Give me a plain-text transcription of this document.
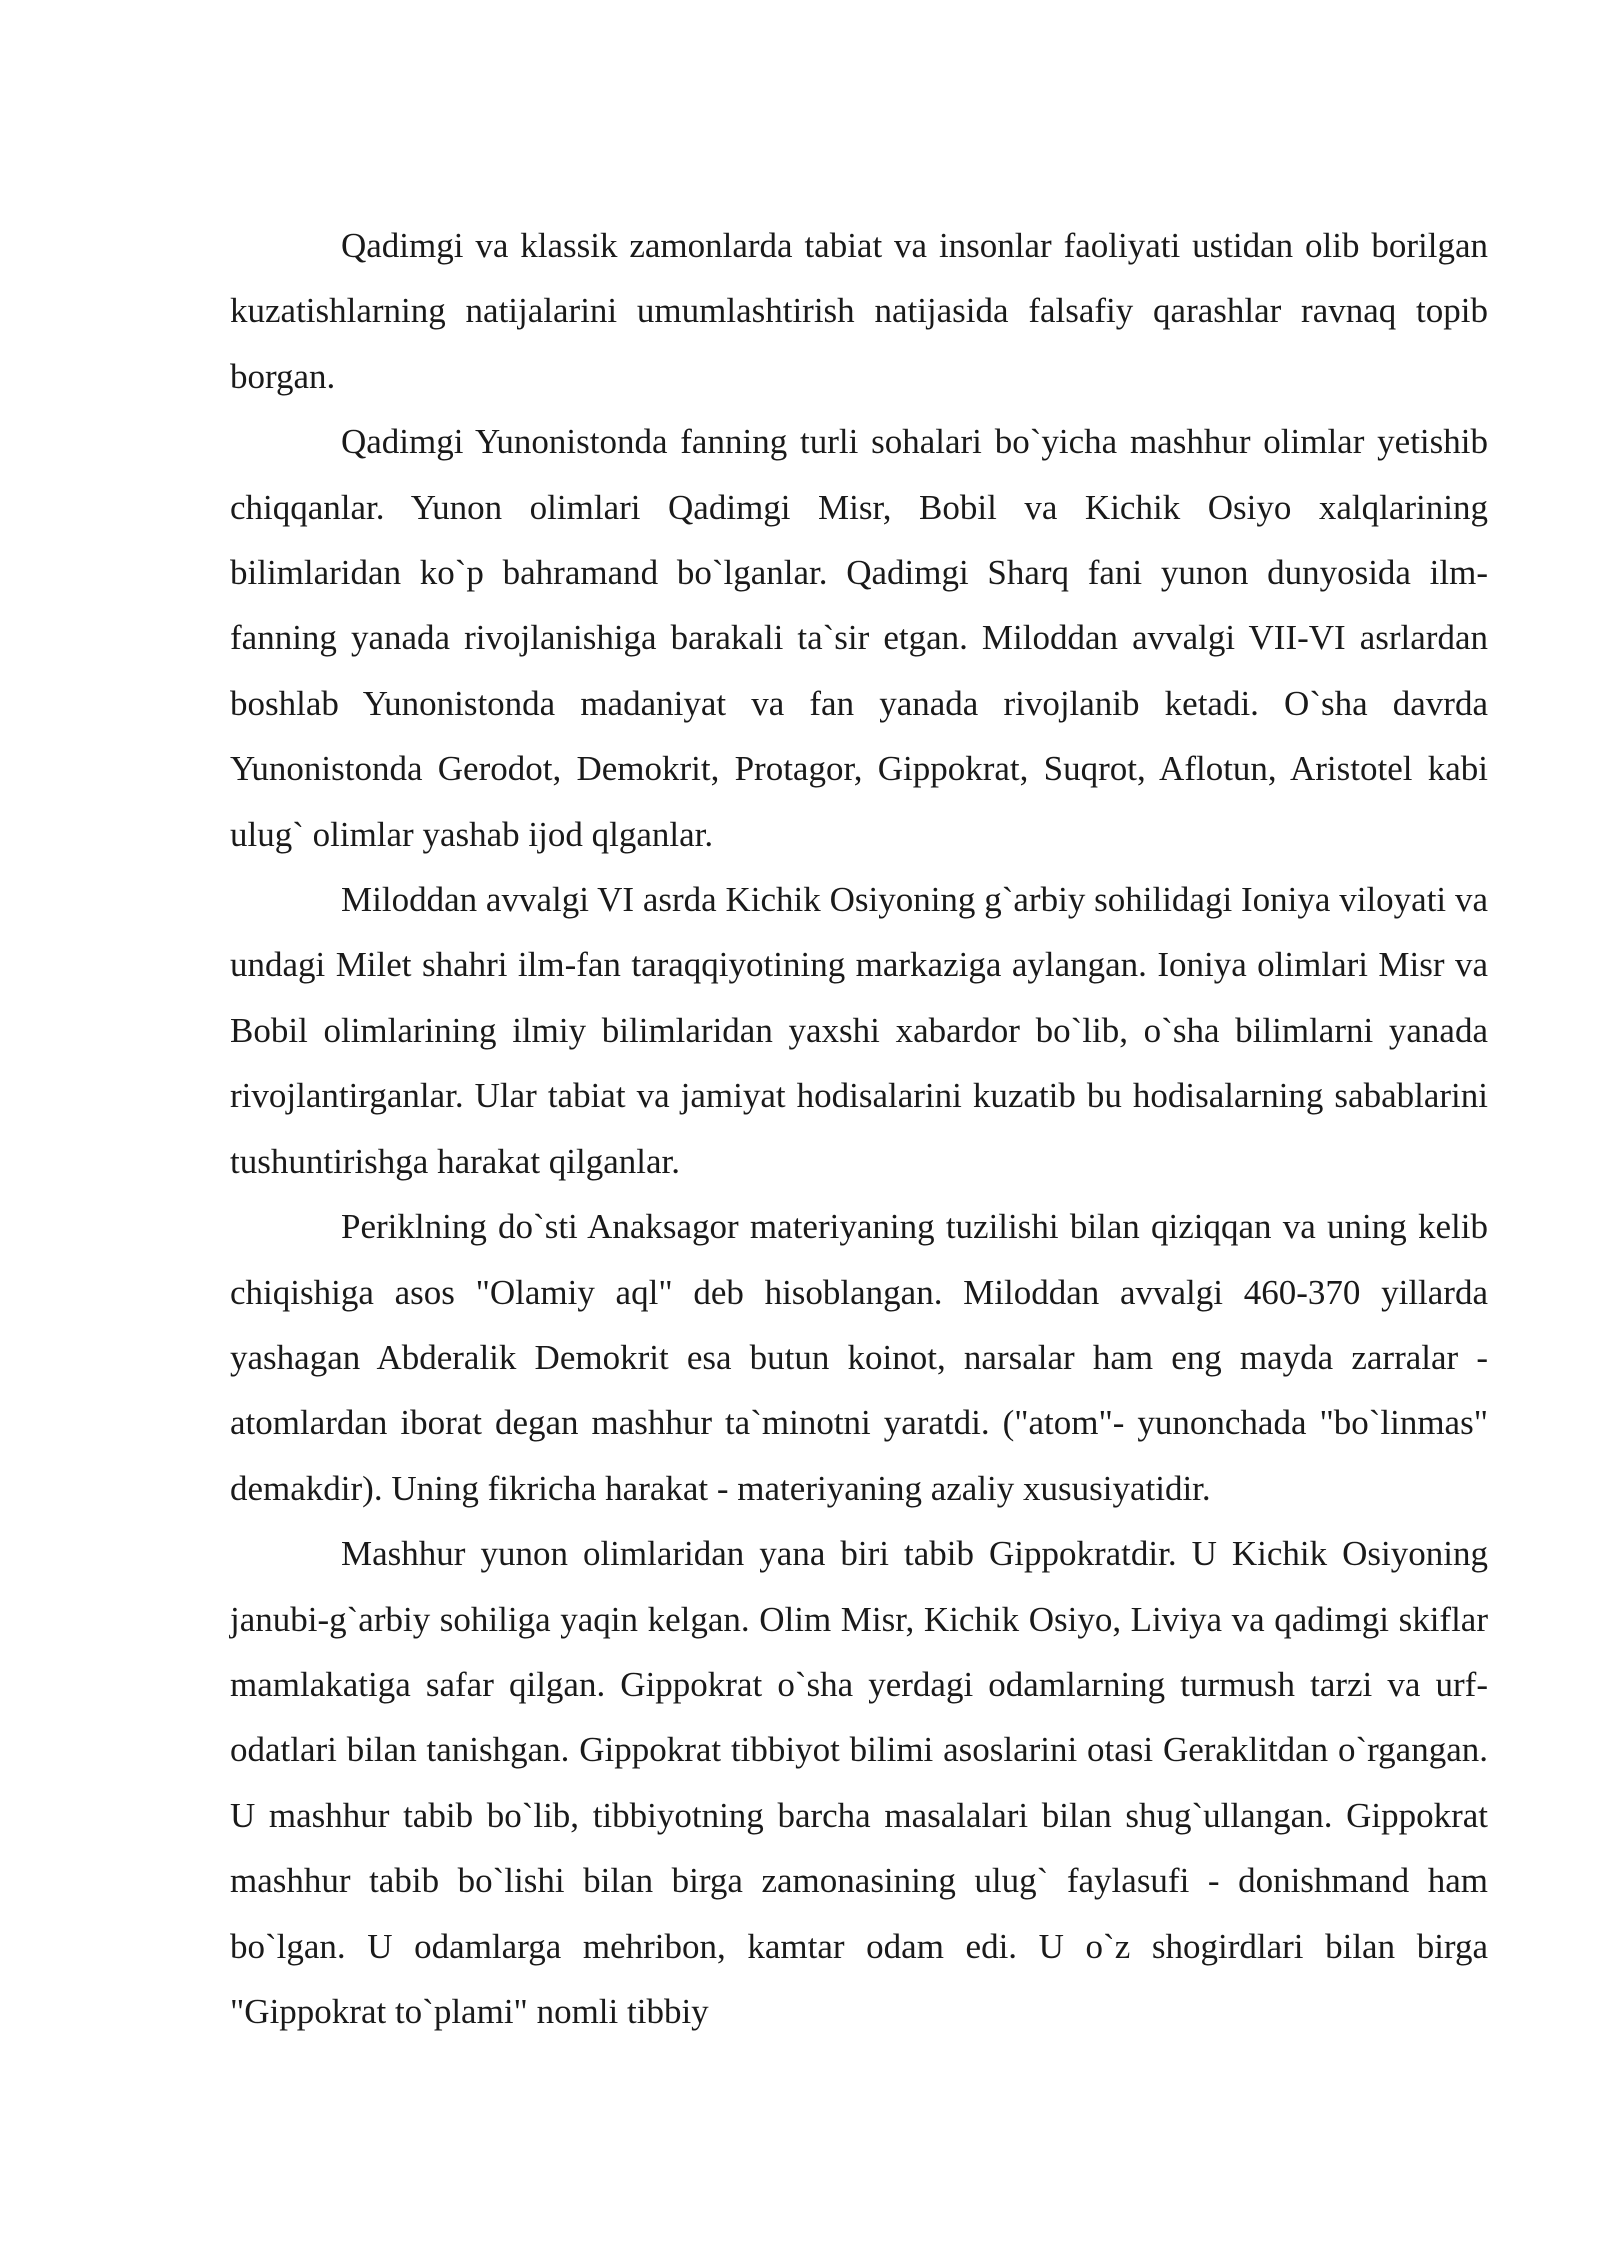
Qadimgi va klassik zamonlarda tabiat va insonlar faoliyati ustidan olib borilgan kuzatishlarning natijalarini umumlashtirish natijasida falsafiy qarashlar ravnaq topib borgan.

Qadimgi Yunonistonda fanning turli sohalari bo`yicha mashhur olimlar yetishib chiqqanlar. Yunon olimlari Qadimgi Misr, Bobil va Kichik Osiyo xalqlarining bilimlaridan ko`p bahramand bo`lganlar. Qadimgi Sharq fani yunon dunyosida ilm-fanning yanada rivojlanishiga barakali ta`sir etgan. Miloddan avvalgi VII-VI asrlardan boshlab Yunonistonda madaniyat va fan yanada rivojlanib ketadi. O`sha davrda Yunonistonda Gerodot, Demokrit, Protagor, Gippokrat, Suqrot, Aflotun, Aristotel kabi ulug` olimlar yashab ijod qlganlar.

Miloddan avvalgi VI asrda Kichik Osiyoning g`arbiy sohilidagi Ioniya viloyati va undagi Milet shahri ilm-fan taraqqiyotining markaziga aylangan. Ioniya olimlari Misr va Bobil olimlarining ilmiy bilimlaridan yaxshi xabardor bo`lib, o`sha bilimlarni yanada rivojlantirganlar. Ular tabiat va jamiyat hodisalarini kuzatib bu hodisalarning sabablarini tushuntirishga harakat qilganlar.

Periklning do`sti Anaksagor materiyaning tuzilishi bilan qiziqqan va uning kelib chiqishiga asos "Olamiy aql" deb hisoblangan. Miloddan avvalgi 460-370 yillarda yashagan Abderalik Demokrit esa butun koinot, narsalar ham eng mayda zarralar - atomlardan iborat degan mashhur ta`minotni yaratdi. ("atom"- yunonchada "bo`linmas" demakdir). Uning fikricha harakat - materiyaning azaliy xususiyatidir.

Mashhur yunon olimlaridan yana biri tabib Gippokratdir. U Kichik Osiyoning janubi-g`arbiy sohiliga yaqin kelgan. Olim Misr, Kichik Osiyo, Liviya va qadimgi skiflar mamlakatiga safar qilgan. Gippokrat o`sha yerdagi odamlarning turmush tarzi va urf-odatlari bilan tanishgan. Gippokrat tibbiyot bilimi asoslarini otasi Geraklitdan o`rgangan. U mashhur tabib bo`lib, tibbiyotning barcha masalalari bilan shug`ullangan. Gippokrat mashhur tabib bo`lishi bilan birga zamonasining ulug` faylasufi - donishmand ham bo`lgan. U odamlarga mehribon, kamtar odam edi. U o`z shogirdlari bilan birga "Gippokrat to`plami" nomli tibbiy
